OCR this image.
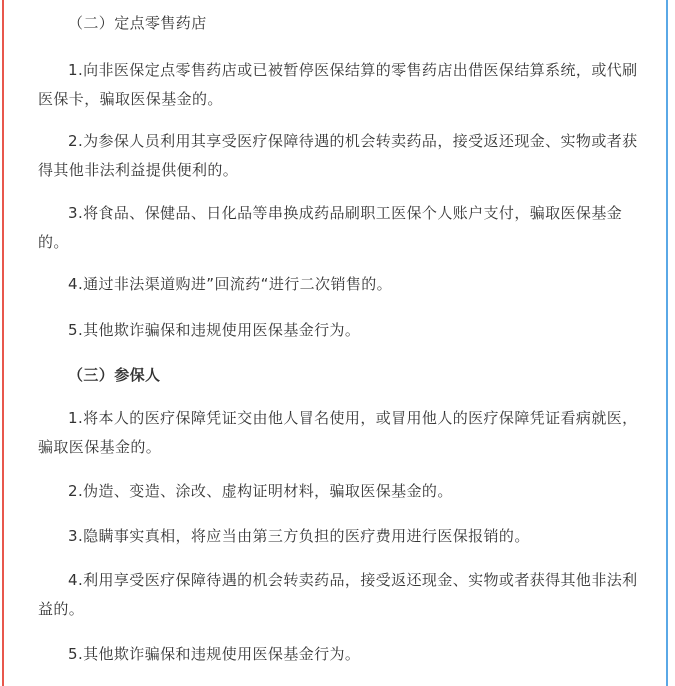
（二）定点零售药店

1.向非医保定点零售药店或已被暂停医保结算的零售药店出借医保结算系统，或代刷医保卡，骗取医保基金的。

2.为参保人员利用其享受医疗保障待遇的机会转卖药品，接受返还现金、实物或者获得其他非法利益提供便利的。

3.将食品、保健品、日化品等串换成药品刷职工医保个人账户支付，骗取医保基金的。

4.通过非法渠道购进”回流药“进行二次销售的。

5.其他欺诈骗保和违规使用医保基金行为。

（三）参保人

1.将本人的医疗保障凭证交由他人冒名使用，或冒用他人的医疗保障凭证看病就医，骗取医保基金的。

2.伪造、变造、涂改、虚构证明材料，骗取医保基金的。

3.隐瞒事实真相，将应当由第三方负担的医疗费用进行医保报销的。

4.利用享受医疗保障待遇的机会转卖药品，接受返还现金、实物或者获得其他非法利益的。

5.其他欺诈骗保和违规使用医保基金行为。
